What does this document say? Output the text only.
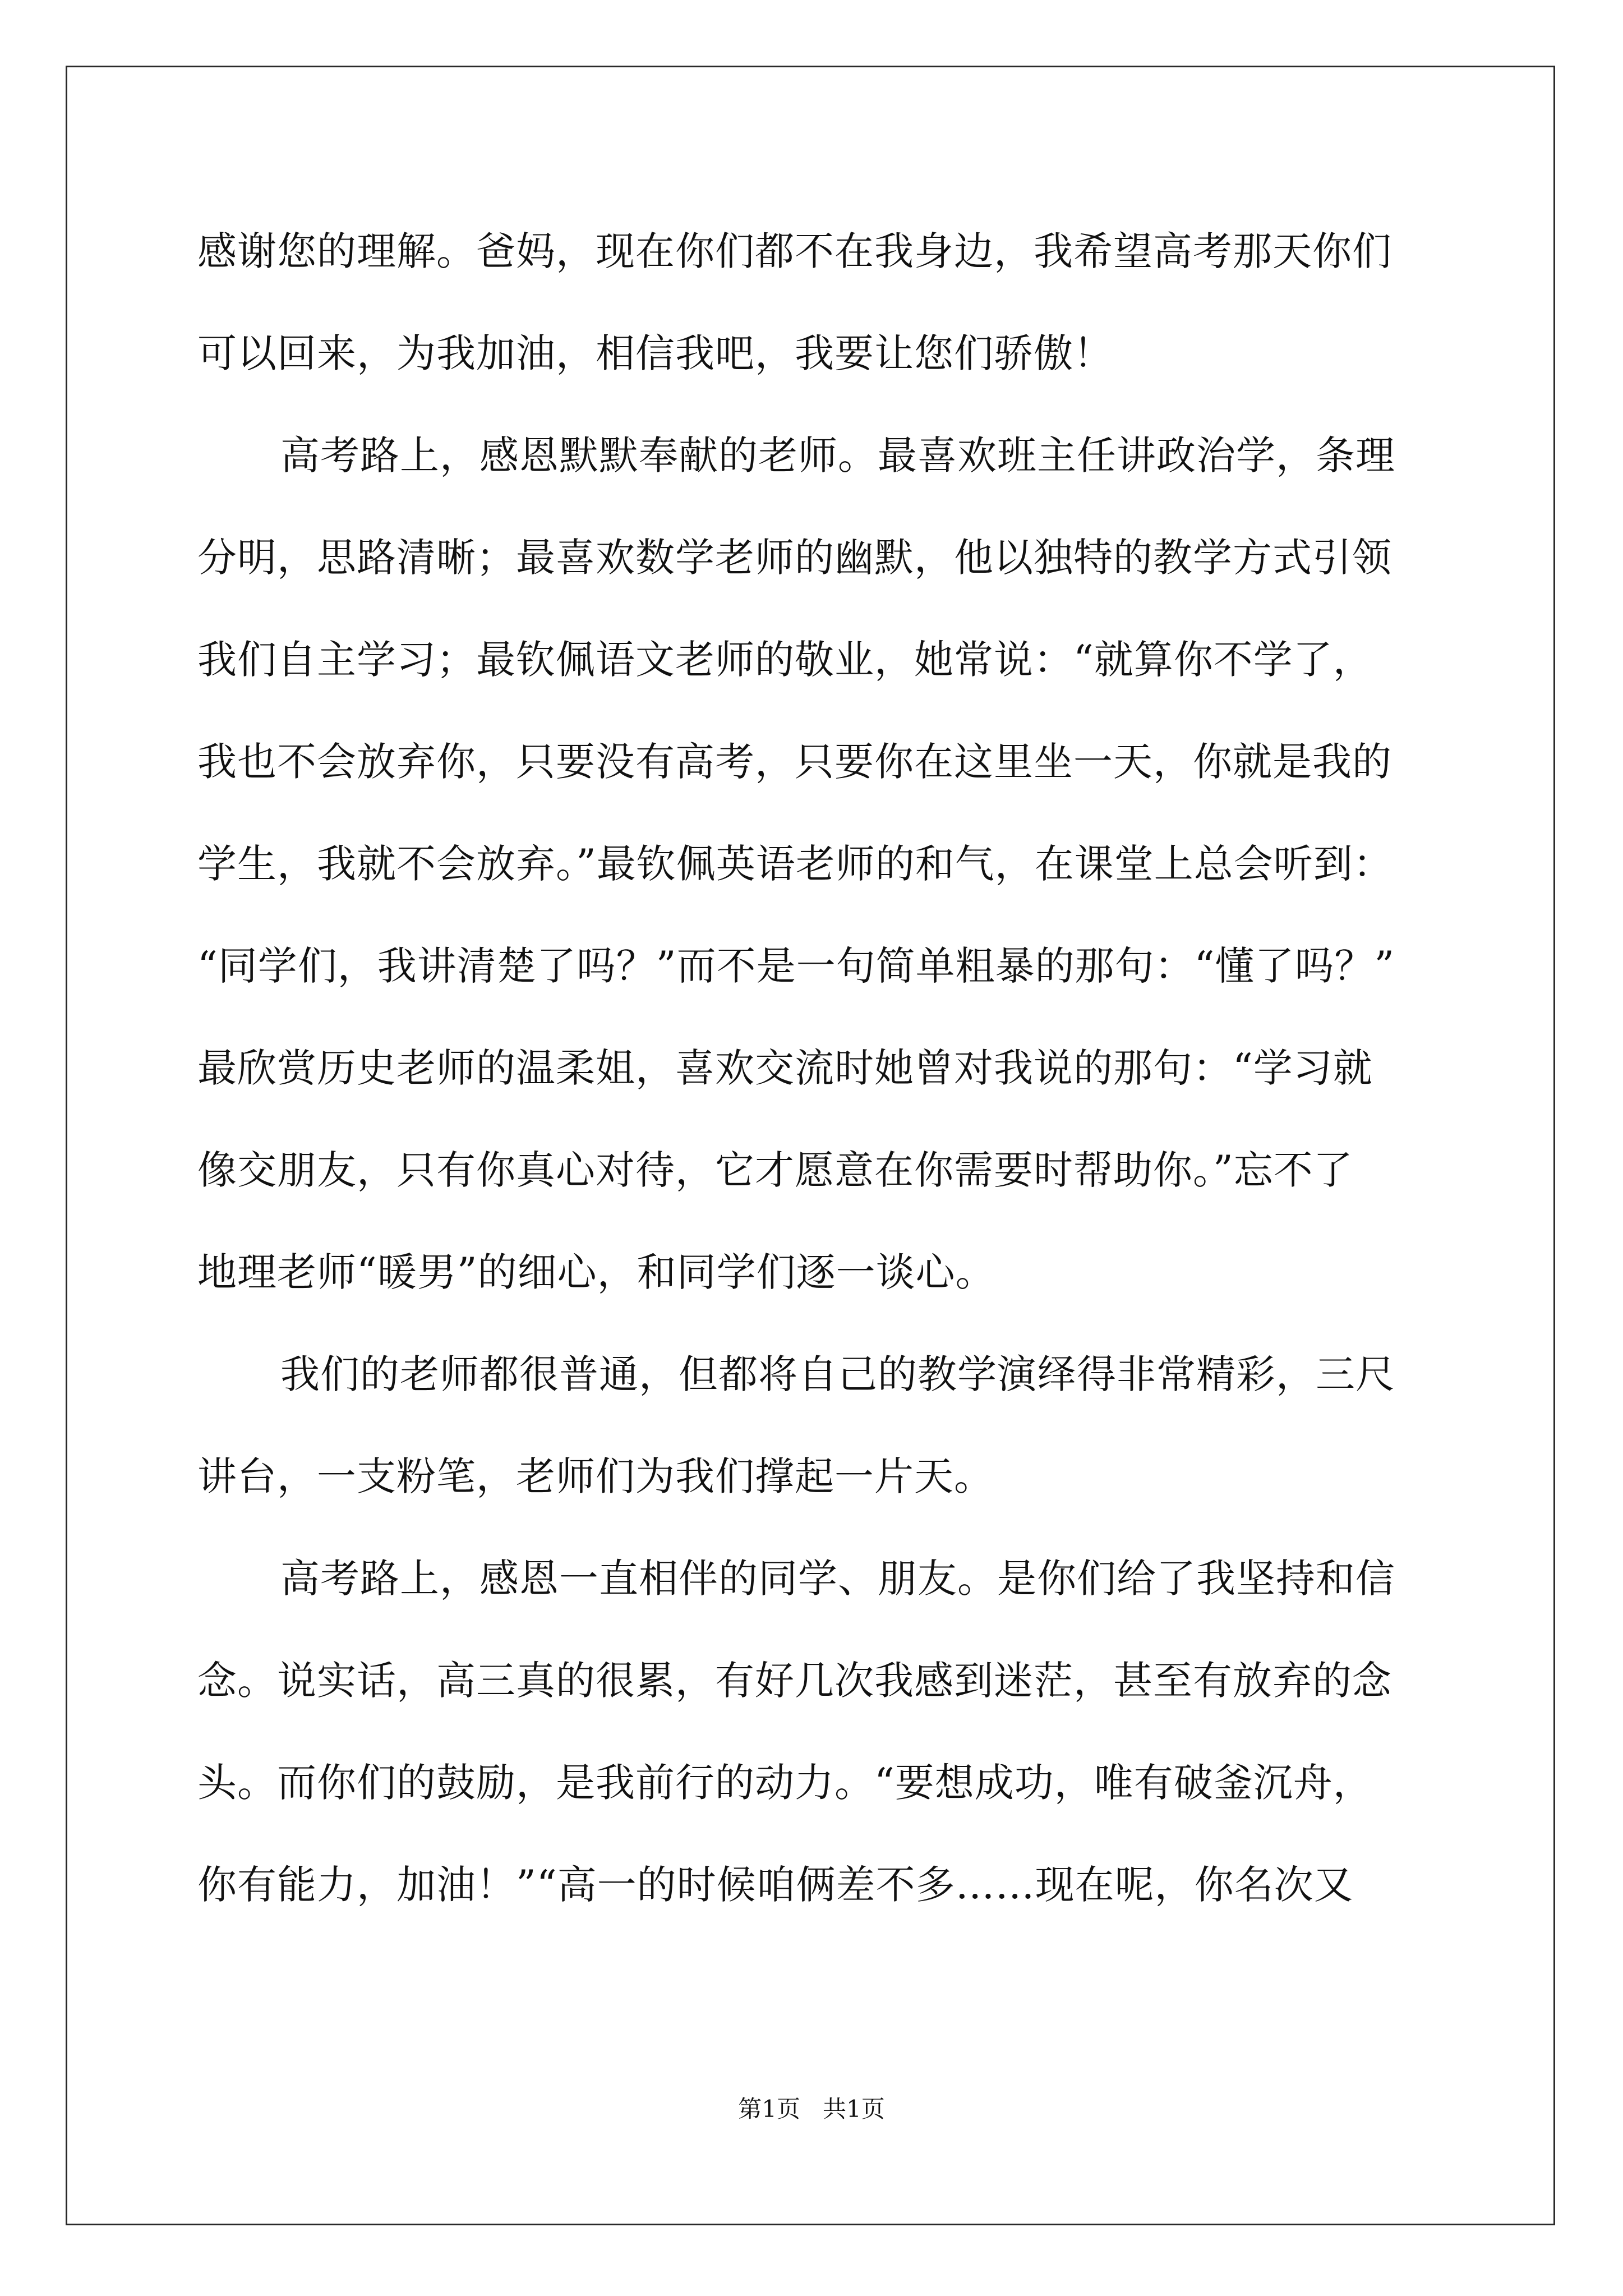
感谢您的理解。爸妈，现在你们都不在我身边，我希望高考那天你们
可以回来，为我加油，相信我吧，我要让您们骄傲！
高考路上，感恩默默奉献的老师。最喜欢班主任讲政治学，条理
分明，思路清晰；最喜欢数学老师的幽默，他以独特的教学方式引领
我们自主学习；最钦佩语文老师的敬业，她常说：“就算你不学了，
我也不会放弃你，只要没有高考，只要你在这里坐一天，你就是我的
学生，我就不会放弃。”最钦佩英语老师的和气，在课堂上总会听到：
“同学们，我讲清楚了吗？”而不是一句简单粗暴的那句：“懂了吗？”
最欣赏历史老师的温柔姐，喜欢交流时她曾对我说的那句：“学习就
像交朋友，只有你真心对待，它才愿意在你需要时帮助你。”忘不了
地理老师“暖男”的细心，和同学们逐一谈心。
我们的老师都很普通，但都将自己的教学演绎得非常精彩，三尺
讲台，一支粉笔，老师们为我们撑起一片天。
高考路上，感恩一直相伴的同学、朋友。是你们给了我坚持和信
念。说实话，高三真的很累，有好几次我感到迷茫，甚至有放弃的念
头。而你们的鼓励，是我前行的动力。“要想成功，唯有破釜沉舟，
你有能力，加油！”“高一的时候咱俩差不多……现在呢，你名次又
第1页   共1页
